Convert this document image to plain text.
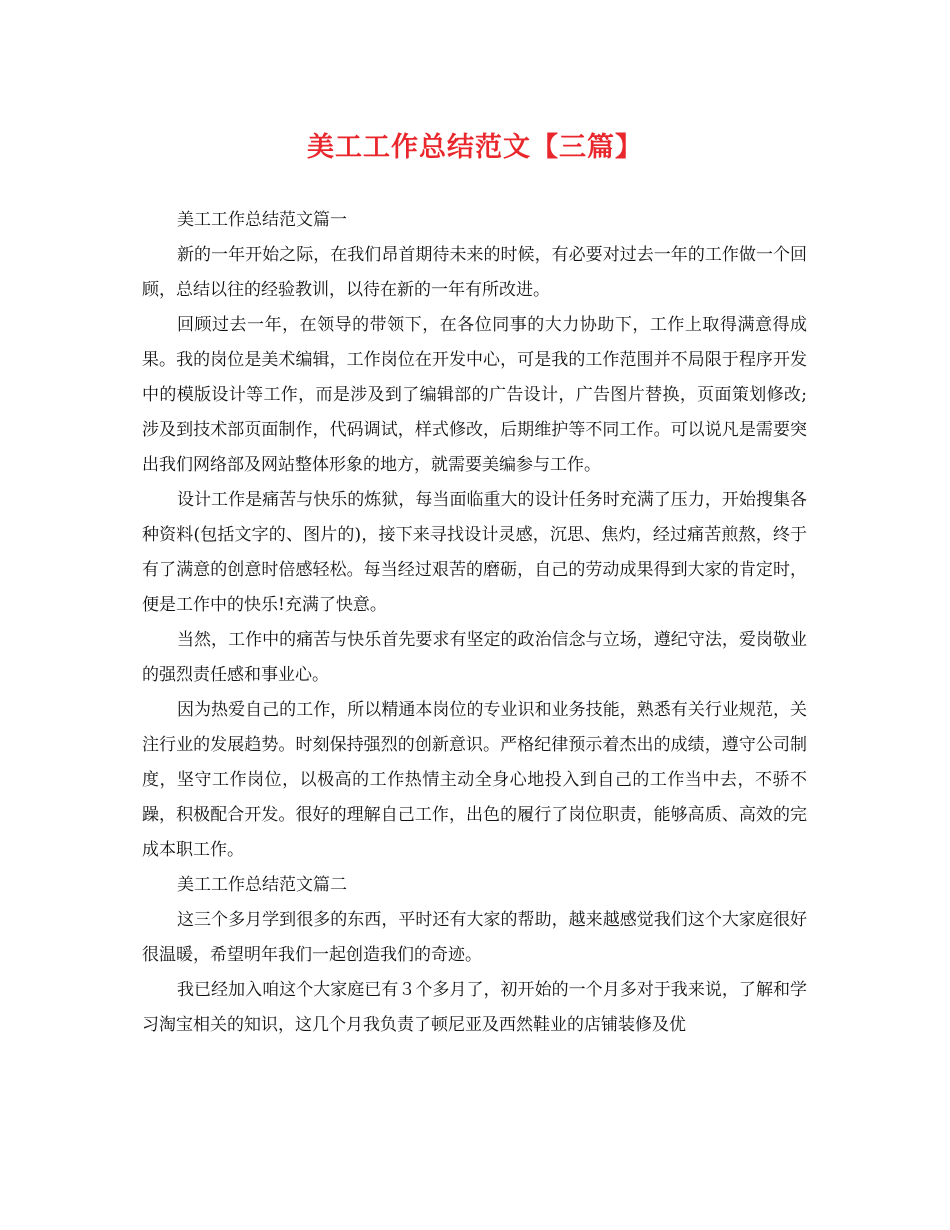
美工工作总结范文【三篇】

美工工作总结范文篇一

新的一年开始之际，在我们昂首期待未来的时候，有必要对过去一年的工作做一个回顾，总结以往的经验教训，以待在新的一年有所改进。

回顾过去一年，在领导的带领下，在各位同事的大力协助下，工作上取得满意得成果。我的岗位是美术编辑，工作岗位在开发中心，可是我的工作范围并不局限于程序开发中的模版设计等工作，而是涉及到了编辑部的广告设计，广告图片替换，页面策划修改;涉及到技术部页面制作，代码调试，样式修改，后期维护等不同工作。可以说凡是需要突出我们网络部及网站整体形象的地方，就需要美编参与工作。

设计工作是痛苦与快乐的炼狱，每当面临重大的设计任务时充满了压力，开始搜集各种资料(包括文字的、图片的)，接下来寻找设计灵感，沉思、焦灼，经过痛苦煎熬，终于有了满意的创意时倍感轻松。每当经过艰苦的磨砺，自己的劳动成果得到大家的肯定时，便是工作中的快乐!充满了快意。

当然，工作中的痛苦与快乐首先要求有坚定的政治信念与立场，遵纪守法，爱岗敬业的强烈责任感和事业心。

因为热爱自己的工作，所以精通本岗位的专业识和业务技能，熟悉有关行业规范，关注行业的发展趋势。时刻保持强烈的创新意识。严格纪律预示着杰出的成绩，遵守公司制度，坚守工作岗位，以极高的工作热情主动全身心地投入到自己的工作当中去，不骄不躁，积极配合开发。很好的理解自己工作，出色的履行了岗位职责，能够高质、高效的完成本职工作。

美工工作总结范文篇二

这三个多月学到很多的东西，平时还有大家的帮助，越来越感觉我们这个大家庭很好很温暖，希望明年我们一起创造我们的奇迹。

我已经加入咱这个大家庭已有３个多月了，初开始的一个月多对于我来说，了解和学习淘宝相关的知识，这几个月我负责了顿尼亚及西然鞋业的店铺装修及优
